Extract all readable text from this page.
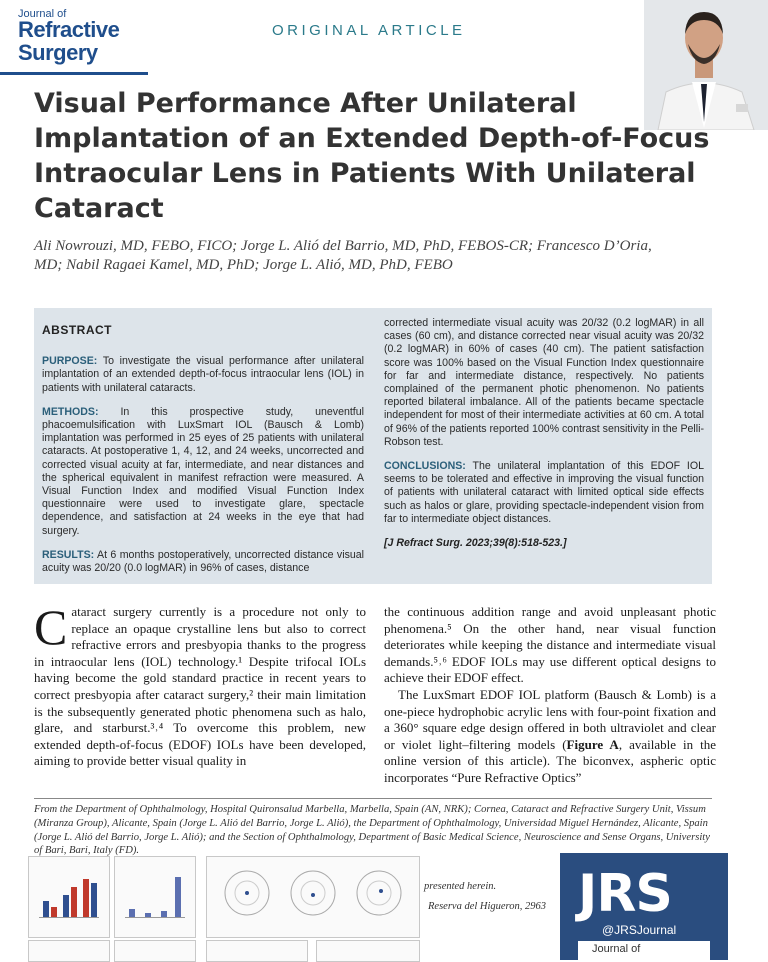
Journal of
Refractive
Surgery
ORIGINAL ARTICLE
Visual Performance After Unilateral Implantation of an Extended Depth-of-Focus Intraocular Lens in Patients With Unilateral Cataract

Ali Nowrouzi, MD, FEBO, FICO; Jorge L. Alió del Barrio, MD, PhD, FEBOS-CR; Francesco D’Oria, MD; Nabil Ragaei Kamel, MD, PhD; Jorge L. Alió, MD, PhD, FEBO

ABSTRACT

PURPOSE: To investigate the visual performance after unilateral implantation of an extended depth-of-focus intraocular lens (IOL) in patients with unilateral cataracts.

METHODS: In this prospective study, uneventful phacoemulsification with LuxSmart IOL (Bausch & Lomb) implantation was performed in 25 eyes of 25 patients with unilateral cataracts. At postoperative 1, 4, 12, and 24 weeks, uncorrected and corrected visual acuity at far, intermediate, and near distances and the spherical equivalent in manifest refraction were measured. A Visual Function Index and modified Visual Function Index questionnaire were used to investigate glare, spectacle dependence, and satisfaction at 24 weeks in the eye that had surgery.

RESULTS: At 6 months postoperatively, uncorrected distance visual acuity was 20/20 (0.0 logMAR) in 96% of cases, distance

corrected intermediate visual acuity was 20/32 (0.2 logMAR) in all cases (60 cm), and distance corrected near visual acuity was 20/32 (0.2 logMAR) in 60% of cases (40 cm). The patient satisfaction score was 100% based on the Visual Function Index questionnaire for far and intermediate distance, respectively. No patients complained of the permanent photic phenomenon. No patients reported bilateral imbalance. All of the patients became spectacle independent for most of their intermediate activities at 60 cm. A total of 96% of the patients reported 100% contrast sensitivity in the Pelli-Robson test.

CONCLUSIONS: The unilateral implantation of this EDOF IOL seems to be tolerated and effective in improving the visual function of patients with unilateral cataract with limited optical side effects such as halos or glare, providing spectacle-independent vision from far to intermediate object distances.

[J Refract Surg. 2023;39(8):518-523.]

Cataract surgery currently is a procedure not only to replace an opaque crystalline lens but also to correct refractive errors and presbyopia thanks to the progress in intraocular lens (IOL) technology.¹ Despite trifocal IOLs having become the gold standard practice in recent years to correct presbyopia after cataract surgery,² their main limitation is the subsequently generated photic phenomena such as halo, glare, and starburst.³˒⁴ To overcome this problem, new extended depth-of-focus (EDOF) IOLs have been developed, aiming to provide better visual quality in

the continuous addition range and avoid unpleasant photic phenomena.⁵ On the other hand, near visual function deteriorates while keeping the distance and intermediate visual demands.⁵˒⁶ EDOF IOLs may use different optical designs to achieve their EDOF effect.

The LuxSmart EDOF IOL platform (Bausch & Lomb) is a one-piece hydrophobic acrylic lens with four-point fixation and a 360° square edge design offered in both ultraviolet and clear or violet light–filtering models (Figure A, available in the online version of this article). The biconvex, aspheric optic incorporates “Pure Refractive Optics”

From the Department of Ophthalmology, Hospital Quironsalud Marbella, Marbella, Spain (AN, NRK); Cornea, Cataract and Refractive Surgery Unit, Vissum (Miranza Group), Alicante, Spain (Jorge L. Alió del Barrio, Jorge L. Alió), the Department of Ophthalmology, Universidad Miguel Hernández, Alicante, Spain (Jorge L. Alió del Barrio, Jorge L. Alió); and the Section of Ophthalmology, Department of Basic Medical Science, Neuroscience and Sense Organs, University of Bari, Bari, Italy (FD).

presented herein.
Reserva del Higueron, 2963 JRS
@JRSJournal
Journal of
